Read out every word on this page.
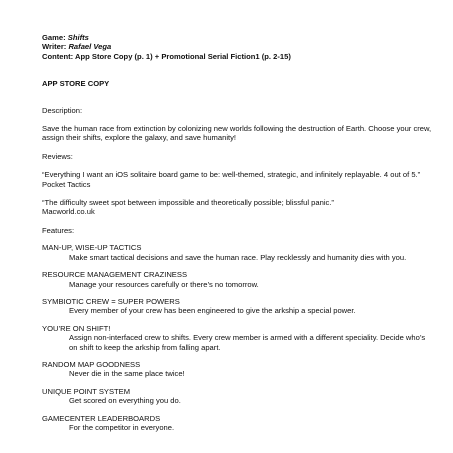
Game: Shifts
Writer: Rafael Vega
Content: App Store Copy (p. 1) + Promotional Serial Fiction1 (p. 2-15)
APP STORE COPY
Description:
Save the human race from extinction by colonizing new worlds following the destruction of Earth. Choose your crew, assign their shifts, explore the galaxy, and save humanity!
Reviews:
“Everything I want an iOS solitaire board game to be: well-themed, strategic, and infinitely replayable. 4 out of 5.”
Pocket Tactics
“The difficulty sweet spot between impossible and theoretically possible; blissful panic.”
Macworld.co.uk
Features:
MAN-UP, WISE-UP TACTICS
Make smart tactical decisions and save the human race. Play recklessly and humanity dies with you.
RESOURCE MANAGEMENT CRAZINESS
Manage your resources carefully or there’s no tomorrow.
SYMBIOTIC CREW = SUPER POWERS
Every member of your crew has been engineered to give the arkship a special power.
YOU’RE ON SHIFT!
Assign non-interfaced crew to shifts. Every crew member is armed with a different speciality. Decide who’s on shift to keep the arkship from falling apart.
RANDOM MAP GOODNESS
Never die in the same place twice!
UNIQUE POINT SYSTEM
Get scored on everything you do.
GAMECENTER LEADERBOARDS
For the competitor in everyone.
